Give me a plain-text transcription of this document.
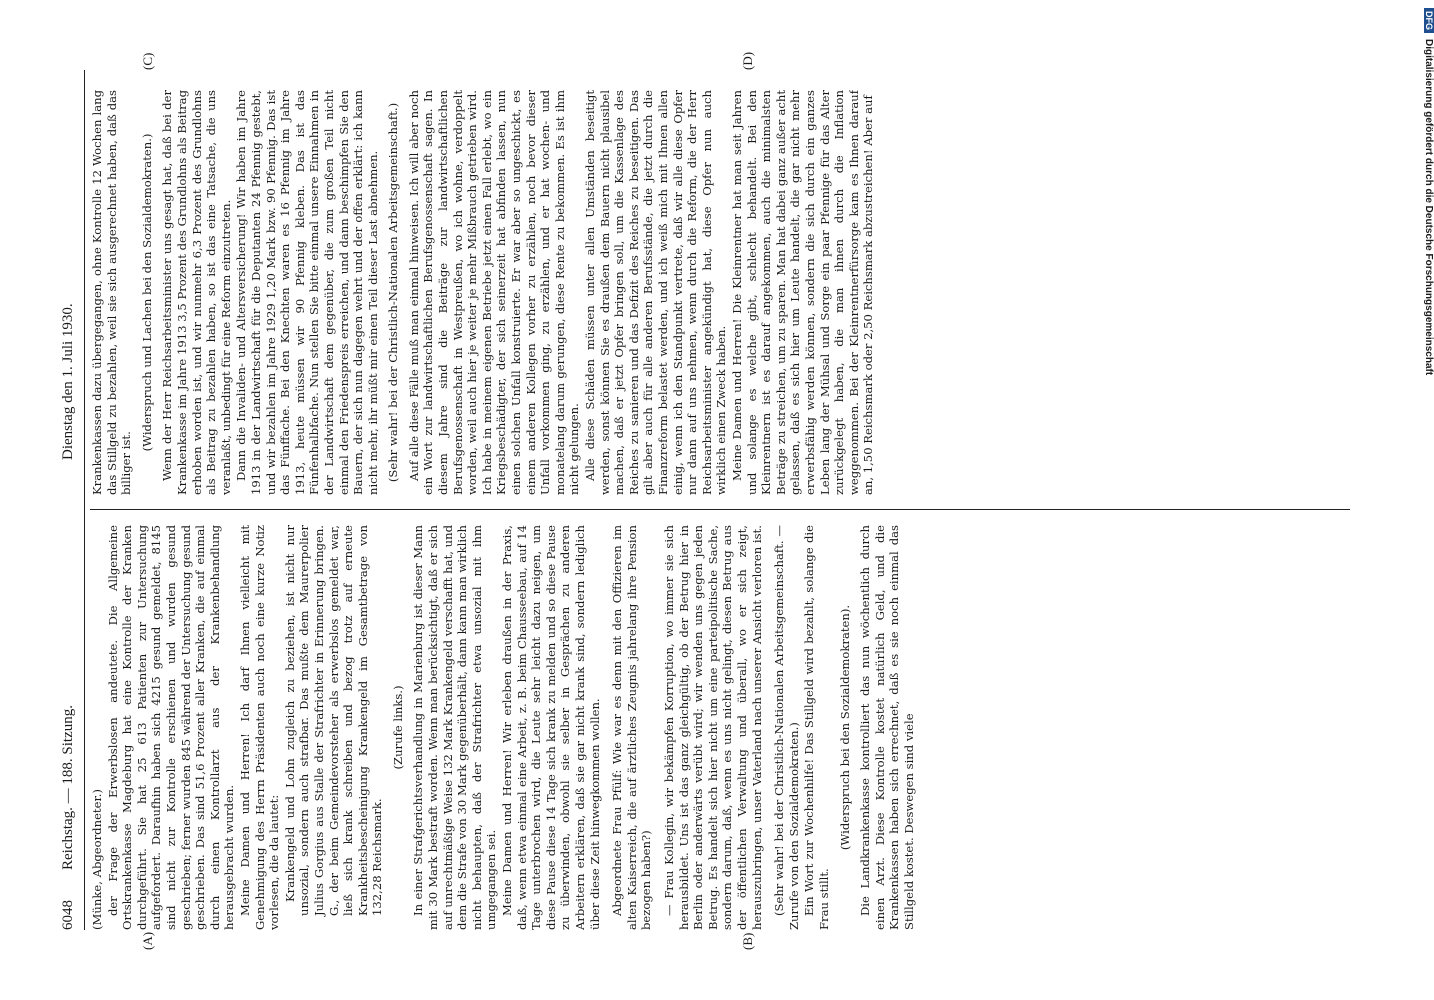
6048
Reichstag. — 188. Sitzung.
Dienstag den 1. Juli 1930.
(A)	(B)
(C)	(D)

(Münke, Abgeordneter.) der Frage der Erwerbslosen andeutete. Die Allgemeine Ortskrankenkasse Magdeburg hat eine Kontrolle der Kranken durchgeführt. Sie hat 25 613 Patienten zur Untersuchung aufgefordert. Daraufhin haben sich 4215 gesund gemeldet, 8145 sind nicht zur Kontrolle erschienen und wurden gesund geschrieben; ferner wurden 845 während der Untersuchung gesund geschrieben. Das sind 51,6 Prozent aller Kranken, die auf einmal durch einen Kontrollarzt aus der Krankenbehandlung herausgebracht wurden. Meine Damen und Herren! Ich darf Ihnen vielleicht mit Genehmigung des Herrn Präsidenten auch noch eine kurze Notiz vorlesen, die da lautet: Krankengeld und Lohn zugleich zu beziehen, ist nicht nur unsozial, sondern auch strafbar. Das mußte dem Maurerpolier Julius Gorgius aus Stalle der Strafrichter in Erinnerung bringen. G., der beim Gemeindevorsteher als erwerbslos gemeldet war, ließ sich krank schreiben und bezog trotz auf erneute Krankheitsbescheinigung Krankengeld im Gesamtbetrage von 132,28 Reichsmark.

(Zurufe links.) In einer Strafgerichtsverhandlung in Marienburg ist dieser Mann mit 30 Mark bestraft worden. Wenn man berücksichtigt, daß er sich auf unrechtmäßige Weise 132 Mark Krankengeld verschafft hat, und dem die Strafe von 30 Mark gegenüberhält, dann kann man wirklich nicht behaupten, daß der Strafrichter etwa unsozial mit ihm umgegangen sei. Meine Damen und Herren! Wir erleben draußen in der Praxis, daß, wenn etwa einmal eine Arbeit, z. B. beim Chausseebau, auf 14 Tage unterbrochen wird, die Leute sehr leicht dazu neigen, um diese Pause diese 14 Tage sich krank zu melden und so diese Pause zu überwinden, obwohl sie selber in Gesprächen zu anderen Arbeitern erklären, daß sie gar nicht krank sind, sondern lediglich über diese Zeit hinwegkommen wollen. Abgeordnete Frau Pfülf: Wie war es denn mit den Offizieren im alten Kaiserreich, die auf ärztliches Zeugnis jahrelang ihre Pension bezogen haben?) — Frau Kollegin, wir bekämpfen Korruption, wo immer sie sich herausbildet. Uns ist das ganz gleichgültig, ob der Betrug hier in Berlin oder anderwärts verübt wird; wir wenden uns gegen jeden Betrug. Es handelt sich hier nicht um eine parteipolitische Sache, sondern darum, daß, wenn es uns nicht gelingt, diesen Betrug aus der öffentlichen Verwaltung und überall, wo er sich zeigt, herauszubringen, unser Vaterland nach unserer Ansicht verloren ist. (Sehr wahr! bei der Christlich-Nationalen Arbeitsgemeinschaft. — Zurufe von den Sozialdemokraten.) Ein Wort zur Wochenhilfe! Das Stillgeld wird bezahlt, solange die Frau stillt.

(Widerspruch bei den Sozialdemokraten). Die Landkrankenkasse kontrolliert das nun wöchentlich durch einen Arzt. Diese Kontrolle kostet natürlich Geld, und die Krankenkassen haben sich errechnet, daß es sie noch einmal das Stillgeld kostet. Deswegen sind viele

Krankenkassen dazu übergegangen, ohne Kontrolle 12 Wochen lang das Stillgeld zu bezahlen, weil sie sich ausgerechnet haben, daß das billiger ist.

(Widerspruch und Lachen bei den Sozialdemokraten.) Wenn der Herr Reichsarbeitsminister uns gesagt hat, daß bei der Krankenkasse im Jahre 1913 3,5 Prozent des Grundlohns als Beitrag erhoben worden ist, und wir nunmehr 6,3 Prozent des Grundlohns als Beitrag zu bezahlen haben, so ist das eine Tatsache, die uns veranlaßt, unbedingt für eine Reform einzutreten. Dann die Invaliden- und Altersversicherung! Wir haben im Jahre 1913 in der Landwirtschaft für die Deputanten 24 Pfennig gestebt, und wir bezahlen im Jahre 1929 1,20 Mark bzw. 90 Pfennig. Das ist das Fünffache. Bei den Knechten waren es 16 Pfennig im Jahre 1913, heute müssen wir 90 Pfennig kleben. Das ist das Fünfenhalbfache. Nun stellen Sie bitte einmal unsere Einnahmen in der Landwirtschaft dem gegenüber, die zum großen Teil nicht einmal den Friedenspreis erreichen, und dann beschimpfen Sie den Bauern, der sich nun dagegen wehrt und der offen erklärt: ich kann nicht mehr, ihr müßt mir einen Teil dieser Last abnehmen. (Sehr wahr! bei der Christlich-Nationalen Arbeitsgemeinschaft.) Auf alle diese Fälle muß man einmal hinweisen. Ich will aber noch ein Wort zur landwirtschaftlichen Berufsgenossenschaft sagen. In diesem Jahre sind die Beiträge zur landwirtschaftlichen Berufsgenossenschaft in Westpreußen, wo ich wohne, verdoppelt worden, weil auch hier je weiter je mehr Mißbrauch getrieben wird. Ich habe in meinem eigenen Betriebe jetzt einen Fall erlebt, wo ein Kriegsbeschädigter, der sich seinerzeit hat abfinden lassen, nun einen solchen Unfall konstruierte. Er war aber so ungeschickt, es einem anderen Kollegen vorher zu erzählen, noch bevor dieser Unfall vorkommen ging, zu erzählen, und er hat wochen- und monatelang darum gerungen, diese Rente zu bekommen. Es ist ihm nicht gelungen. Alle diese Schäden müssen unter allen Umständen beseitigt werden, sonst können Sie es draußen dem Bauern nicht plausibel machen, daß er jetzt Opfer bringen soll, um die Kassenlage des Reiches zu sanieren und das Defizit des Reiches zu beseitigen. Das gilt aber auch für alle anderen Berufsstände, die jetzt durch die Finanzreform belastet werden, und ich weiß mich mit Ihnen allen einig, wenn ich den Standpunkt vertrete, daß wir alle diese Opfer nur dann auf uns nehmen, wenn durch die Reform, die der Herr Reichsarbeitsminister angekündigt hat, diese Opfer nun auch wirklich einen Zweck haben. Meine Damen und Herren! Die Kleinrentner hat man seit Jahren und solange es welche gibt, schlecht behandelt. Bei den Kleinrentnern ist es darauf angekommen, auch die minimalsten Beträge zu streichen, um zu sparen. Man hat dabei ganz außer acht gelassen, daß es sich hier um Leute handelt, die gar nicht mehr erwerbsfähig werden können, sondern die sich durch ein ganzes Leben lang der Mühsal und Sorge ein paar Pfennige für das Alter zurückgelegt haben, die man ihnen durch die Inflation weggenommen. Bei der Kleinrentnerfürsorge kam es Ihnen darauf an, 1,50 Reichsmark oder 2,50 Reichsmark abzustreichen! Aber auf

DFGDigitalisierung gefördert durch die Deutsche Forschungsgemeinschaft
